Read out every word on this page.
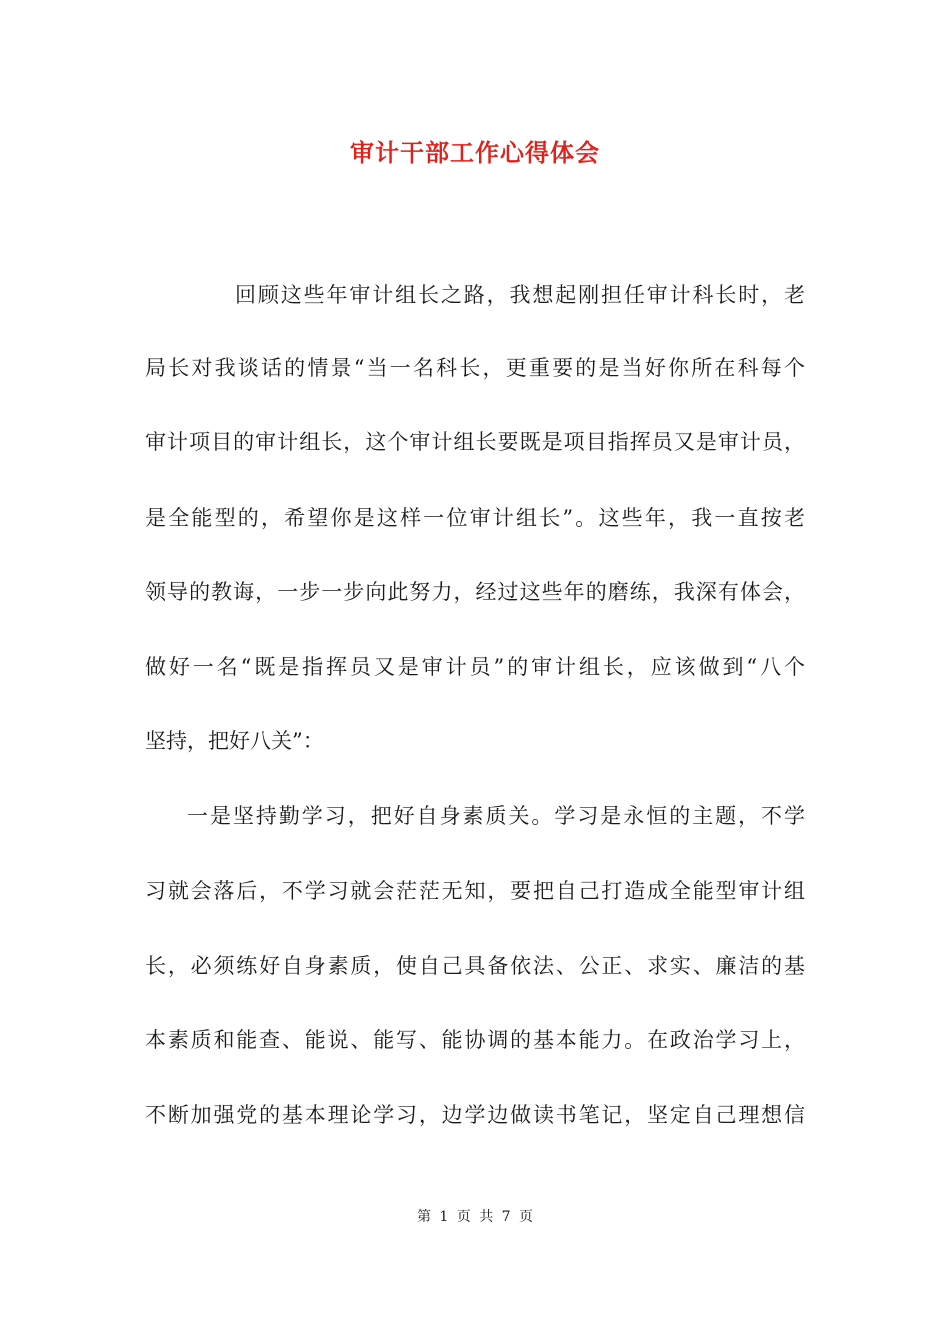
审计干部工作心得体会
回顾这些年审计组长之路，我想起刚担任审计科长时，老
局长对我谈话的情景“当一名科长，更重要的是当好你所在科每个
审计项目的审计组长，这个审计组长要既是项目指挥员又是审计员，
是全能型的，希望你是这样一位审计组长”。这些年，我一直按老
领导的教诲，一步一步向此努力，经过这些年的磨练，我深有体会，
做好一名“既是指挥员又是审计员”的审计组长，应该做到“八个
坚持，把好八关”：
一是坚持勤学习，把好自身素质关。学习是永恒的主题，不学
习就会落后，不学习就会茫茫无知，要把自己打造成全能型审计组
长，必须练好自身素质，使自己具备依法、公正、求实、廉洁的基
本素质和能查、能说、能写、能协调的基本能力。在政治学习上，
不断加强党的基本理论学习，边学边做读书笔记，坚定自己理想信
第 1 页 共 7 页
